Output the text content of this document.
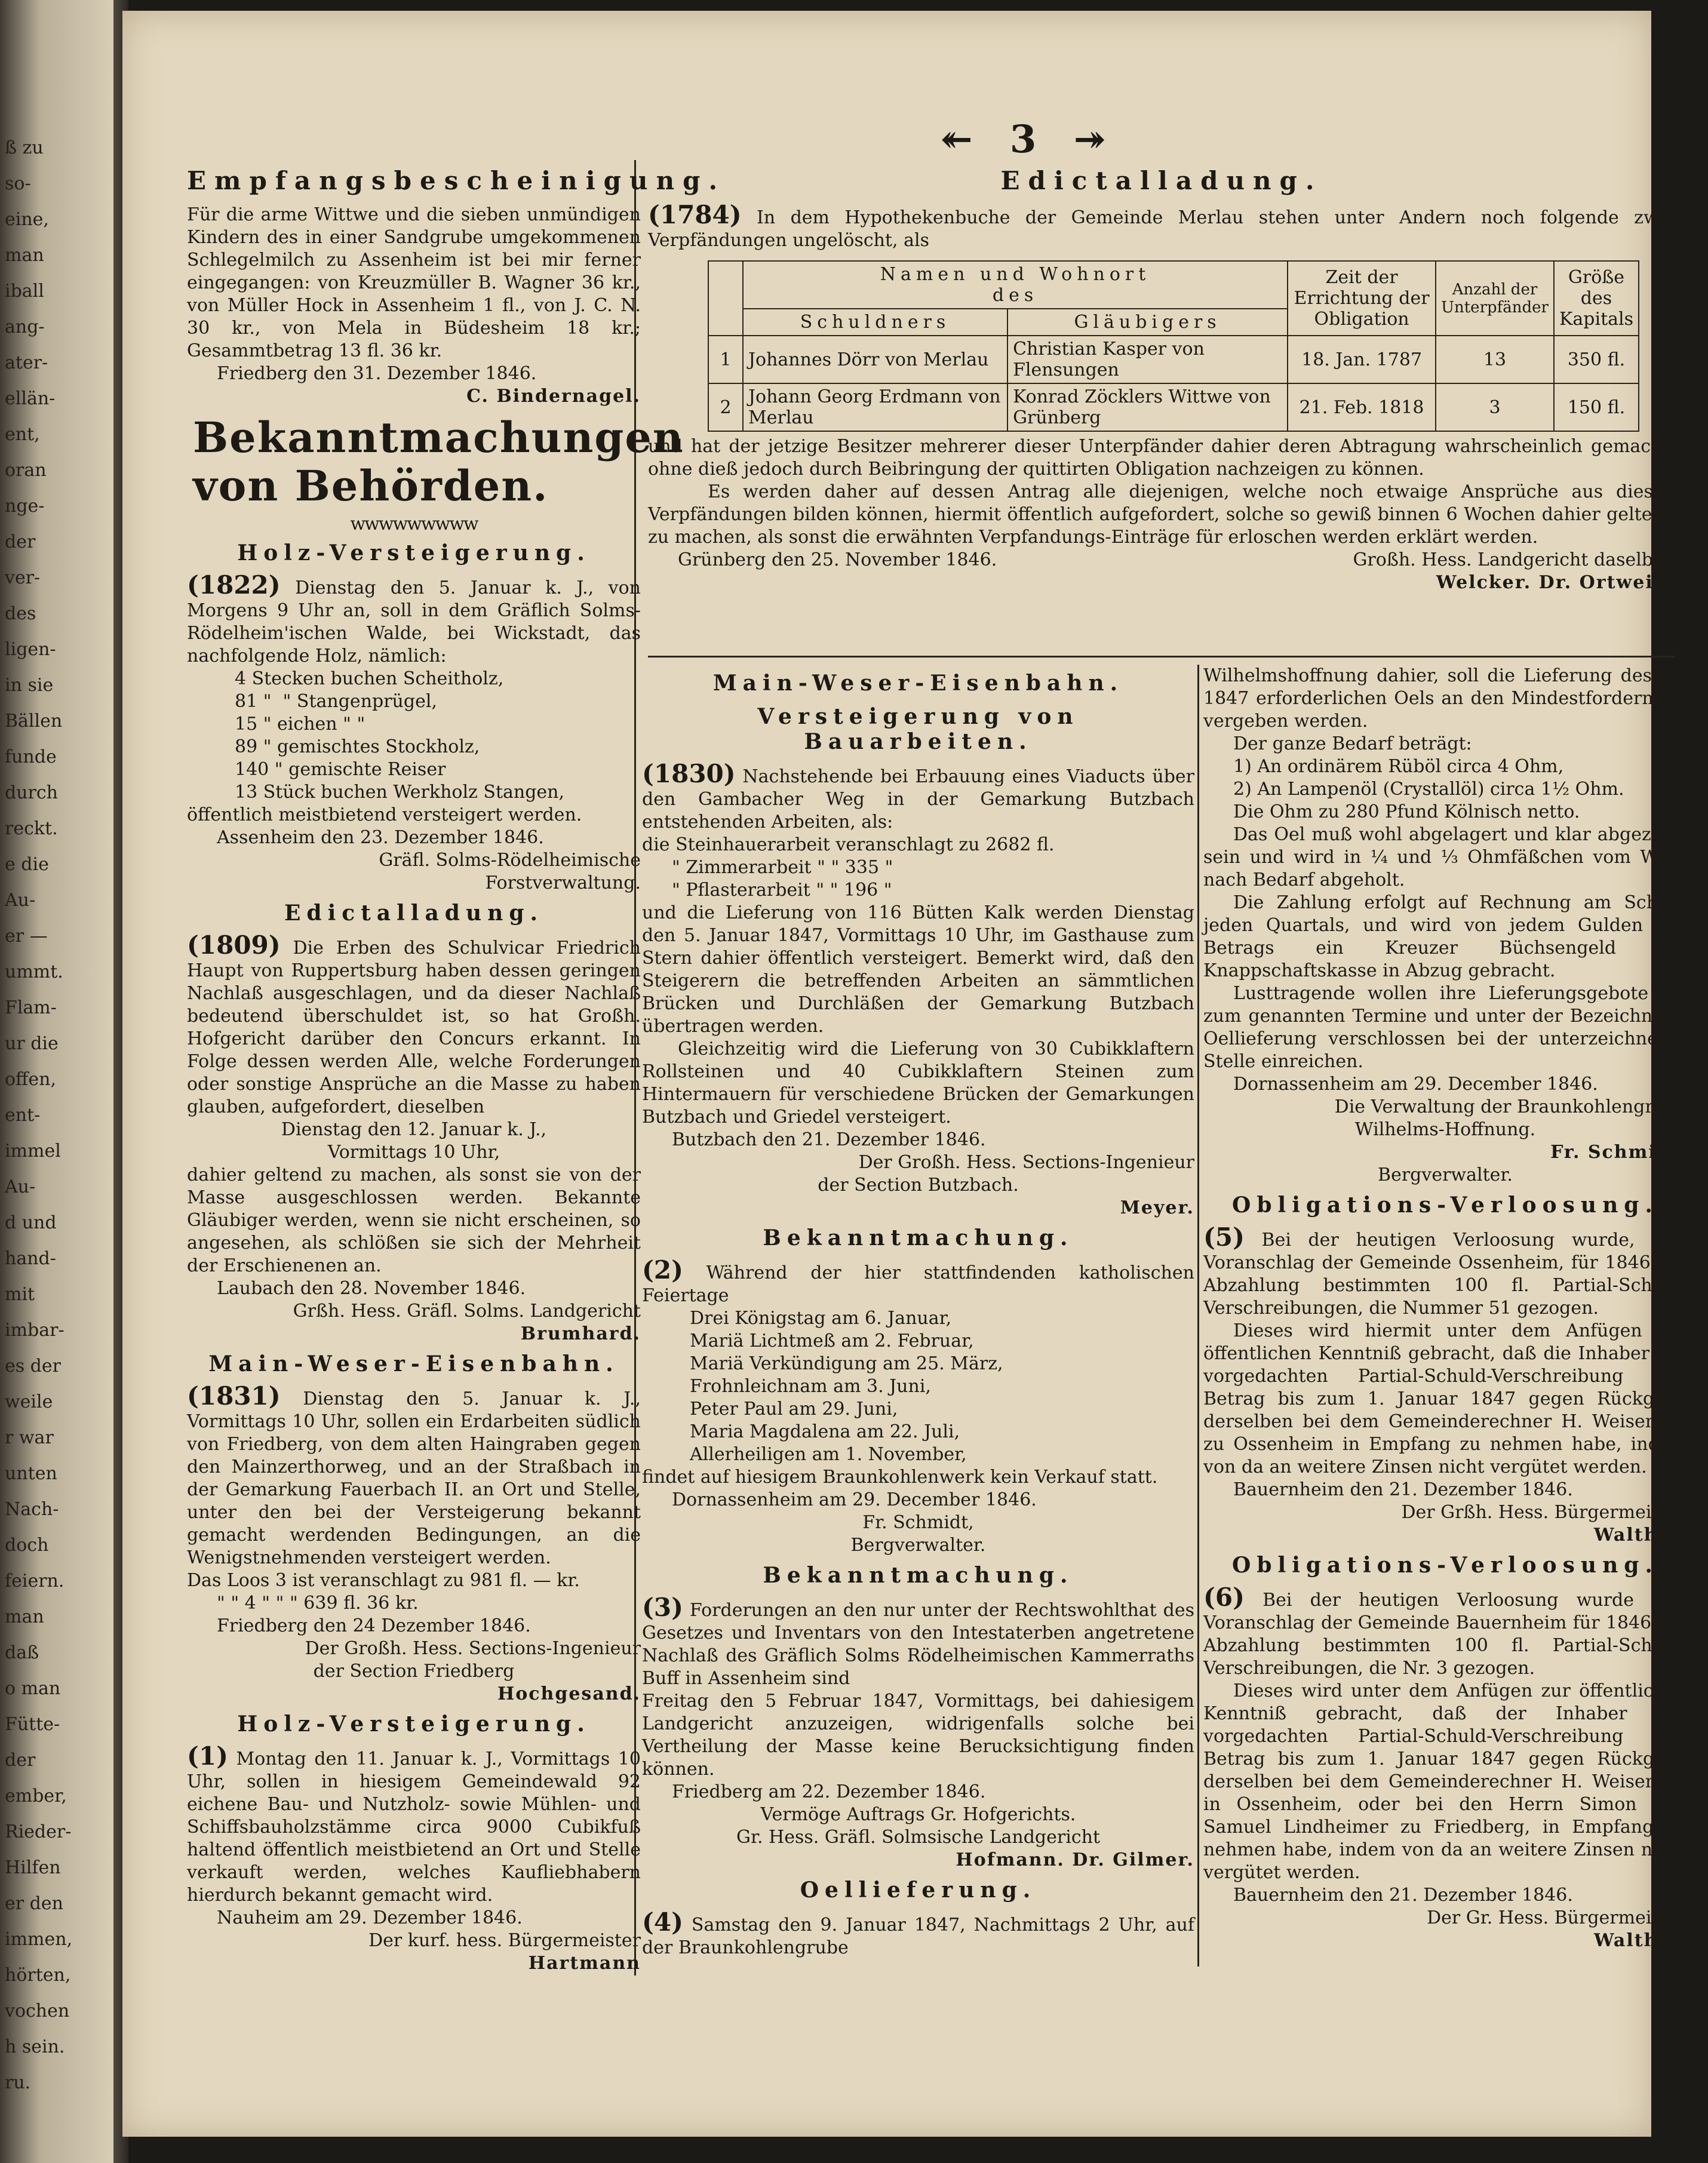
ß zu
so-
eine,
man
iball
ang-
ater-
ellän-
ent,
oran
nge-
der
ver-
des
ligen-
in sie
Bällen
funde
durch
reckt.
e die
Au-
er —
ummt.
Flam-
ur die
offen,
ent-
immel
Au-
d und
hand-
mit
imbar-
es der
weile
r war
unten
Nach-
doch
feiern.
man
daß
o man
Fütte-
der
ember,
Rieder-
Hilfen
er den
immen,
hörten,
vochen
h sein.
ru.
↞ 3 ↠
Empfangsbescheinigung.

Für die arme Wittwe und die sieben unmündigen Kindern des in einer Sandgrube umgekommenen Schlegelmilch zu Assenheim ist bei mir ferner eingegangen: von Kreuzmüller B. Wagner 36 kr., von Müller Hock in Assenheim 1 fl., von J. C. N. 30 kr., von Mela in Büdesheim 18 kr.; Gesammtbetrag 13 fl. 36 kr.

Friedberg den 31. Dezember 1846.

C. Bindernagel.

Bekanntmachungen von Behörden.
wwwwwwwww
Holz-Versteigerung.

(1822) Dienstag den 5. Januar k. J., von Morgens 9 Uhr an, soll in dem Gräflich Solms-Rödelheim'ischen Walde, bei Wickstadt, das nachfolgende Holz, nämlich:

4 Stecken buchen Scheitholz,
81 "  " Stangenprügel,
15 " eichen " "
89 " gemischtes Stockholz,
140 " gemischte Reiser
13 Stück buchen Werkholz Stangen,

öffentlich meistbietend versteigert werden.

Assenheim den 23. Dezember 1846.

Gräfl. Solms-Rödelheimische

Forstverwaltung.

Edictalladung.

(1809) Die Erben des Schulvicar Friedrich Haupt von Ruppertsburg haben dessen geringen Nachlaß ausgeschlagen, und da dieser Nachlaß bedeutend überschuldet ist, so hat Großh. Hofgericht darüber den Concurs erkannt. In Folge dessen werden Alle, welche Forderungen oder sonstige Ansprüche an die Masse zu haben glauben, aufgefordert, dieselben

Dienstag den 12. Januar k. J.,

Vormittags 10 Uhr,

dahier geltend zu machen, als sonst sie von der Masse ausgeschlossen werden. Bekannte Gläubiger werden, wenn sie nicht erscheinen, so angesehen, als schlößen sie sich der Mehrheit der Erschienenen an.

Laubach den 28. November 1846.

Grßh. Hess. Gräfl. Solms. Landgericht

Brumhard.

Main-Weser-Eisenbahn.

(1831) Dienstag den 5. Januar k. J., Vormittags 10 Uhr, sollen ein Erdarbeiten südlich von Friedberg, von dem alten Haingraben gegen den Mainzerthorweg, und an der Straßbach in der Gemarkung Fauerbach II. an Ort und Stelle, unter den bei der Versteigerung bekannt gemacht werdenden Bedingungen, an die Wenigstnehmenden versteigert werden.

Das Loos 3 ist veranschlagt zu 981 fl. — kr.

" " 4 " " " 639 fl. 36 kr.

Friedberg den 24 Dezember 1846.

Der Großh. Hess. Sections-Ingenieur

der Section Friedberg

Hochgesand.

Holz-Versteigerung.

(1) Montag den 11. Januar k. J., Vormittags 10 Uhr, sollen in hiesigem Gemeindewald 92 eichene Bau- und Nutzholz- sowie Mühlen- und Schiffsbauholzstämme circa 9000 Cubikfuß haltend öffentlich meistbietend an Ort und Stelle verkauft werden, welches Kaufliebhabern hierdurch bekannt gemacht wird.

Nauheim am 29. Dezember 1846.

Der kurf. hess. Bürgermeister

Hartmann

Edictalladung.

(1784) In dem Hypothekenbuche der Gemeinde Merlau stehen unter Andern noch folgende zwei Verpfändungen ungelöscht, als

	Namen und Wohnort
des		Zeit der Errichtung der Obligation	Anzahl der Unterpfänder	Größe des Kapitals
	Schuldners	Gläubigers			
1	Johannes Dörr von Merlau	Christian Kasper von Flensungen	18. Jan. 1787	13	350 fl.
2	Johann Georg Erdmann von Merlau	Konrad Zöcklers Wittwe von Grünberg	21. Feb. 1818	3	150 fl.

und hat der jetzige Besitzer mehrerer dieser Unterpfänder dahier deren Abtragung wahrscheinlich gemacht, ohne dieß jedoch durch Beibringung der quittirten Obligation nachzeigen zu können.

Es werden daher auf dessen Antrag alle diejenigen, welche noch etwaige Ansprüche aus diesen Verpfändungen bilden können, hiermit öffentlich aufgefordert, solche so gewiß binnen 6 Wochen dahier geltend zu machen, als sonst die erwähnten Verpfandungs-Einträge für erloschen werden erklärt werden.

Grünberg den 25. November 1846.	Großh. Hess. Landgericht daselbst.

Welcker. Dr. Ortwein.

Main-Weser-Eisenbahn.
Versteigerung von Bauarbeiten.

(1830) Nachstehende bei Erbauung eines Viaducts über den Gambacher Weg in der Gemarkung Butzbach entstehenden Arbeiten, als:

die Steinhauerarbeit veranschlagt zu 2682 fl.

" Zimmerarbeit " " 335 "

" Pflasterarbeit " " 196 "

und die Lieferung von 116 Bütten Kalk werden Dienstag den 5. Januar 1847, Vormittags 10 Uhr, im Gasthause zum Stern dahier öffentlich versteigert. Bemerkt wird, daß den Steigerern die betreffenden Arbeiten an sämmtlichen Brücken und Durchläßen der Gemarkung Butzbach übertragen werden.

Gleichzeitig wird die Lieferung von 30 Cubikklaftern Rollsteinen und 40 Cubikklaftern Steinen zum Hintermauern für verschiedene Brücken der Gemarkungen Butzbach und Griedel versteigert.

Butzbach den 21. Dezember 1846.

Der Großh. Hess. Sections-Ingenieur

der Section Butzbach.

Meyer.

Bekanntmachung.

(2) Während der hier stattfindenden katholischen Feiertage

Drei Königstag am 6. Januar,
Mariä Lichtmeß am 2. Februar,
Mariä Verkündigung am 25. März,
Frohnleichnam am 3. Juni,
Peter Paul am 29. Juni,
Maria Magdalena am 22. Juli,
Allerheiligen am 1. November,

findet auf hiesigem Braunkohlenwerk kein Verkauf statt.

Dornassenheim am 29. December 1846.

Fr. Schmidt,

Bergverwalter.

Bekanntmachung.

(3) Forderungen an den nur unter der Rechtswohlthat des Gesetzes und Inventars von den Intestaterben angetretene Nachlaß des Gräflich Solms Rödelheimischen Kammerraths Buff in Assenheim sind

Freitag den 5 Februar 1847, Vormittags, bei dahiesigem Landgericht anzuzeigen, widrigenfalls solche bei Vertheilung der Masse keine Berucksichtigung finden können.

Friedberg am 22. Dezember 1846.

Vermöge Auftrags Gr. Hofgerichts.

Gr. Hess. Gräfl. Solmsische Landgericht

Hofmann. Dr. Gilmer.

Oellieferung.

(4) Samstag den 9. Januar 1847, Nachmittags 2 Uhr, auf der Braunkohlengrube

Wilhelmshoffnung dahier, soll die Lieferung des für 1847 erforderlichen Oels an den Mindestfordernden vergeben werden.

Der ganze Bedarf beträgt:

1) An ordinärem Rüböl circa 4 Ohm,

2) An Lampenöl (Crystallöl) circa 1½ Ohm.

Die Ohm zu 280 Pfund Kölnisch netto.

Das Oel muß wohl abgelagert und klar abgezapft sein und wird in ¼ und ⅓ Ohmfäßchen vom Werk nach Bedarf abgeholt.

Die Zahlung erfolgt auf Rechnung am Schluß jeden Quartals, und wird von jedem Gulden des Betrags ein Kreuzer Büchsengeld zur Knappschaftskasse in Abzug gebracht.

Lusttragende wollen ihre Lieferungsgebote bis zum genannten Termine und unter der Bezeichnung Oellieferung verschlossen bei der unterzeichneten Stelle einreichen.

Dornassenheim am 29. December 1846.

Die Verwaltung der Braunkohlengrube

Wilhelms-Hoffnung.

Fr. Schmidt,

Bergverwalter.

Obligations-Verloosung.

(5) Bei der heutigen Verloosung wurde, laut Voranschlag der Gemeinde Ossenheim, für 1846 zur Abzahlung bestimmten 100 fl. Partial-Schuld-Verschreibungen, die Nummer 51 gezogen.

Dieses wird hiermit unter dem Anfügen zur öffentlichen Kenntniß gebracht, daß die Inhaber der vorgedachten Partial-Schuld-Verschreibung den Betrag bis zum 1. Januar 1847 gegen Rückgabe derselben bei dem Gemeinderechner H. Weisensee zu Ossenheim in Empfang zu nehmen habe, indem von da an weitere Zinsen nicht vergütet werden.

Bauernheim den 21. Dezember 1846.

Der Grßh. Hess. Bürgermeister

Walther.

Obligations-Verloosung.

(6) Bei der heutigen Verloosung wurde laut Voranschlag der Gemeinde Bauernheim für 1846 zur Abzahlung bestimmten 100 fl. Partial-Schuld-Verschreibungen, die Nr. 3 gezogen.

Dieses wird unter dem Anfügen zur öffentlichen Kenntniß gebracht, daß der Inhaber der vorgedachten Partial-Schuld-Verschreibung den Betrag bis zum 1. Januar 1847 gegen Rückgabe derselben bei dem Gemeinderechner H. Weisensee in Ossenheim, oder bei den Herrn Simon und Samuel Lindheimer zu Friedberg, in Empfang zu nehmen habe, indem von da an weitere Zinsen nicht vergütet werden.

Bauernheim den 21. Dezember 1846.

Der Gr. Hess. Bürgermeister

Walther.
